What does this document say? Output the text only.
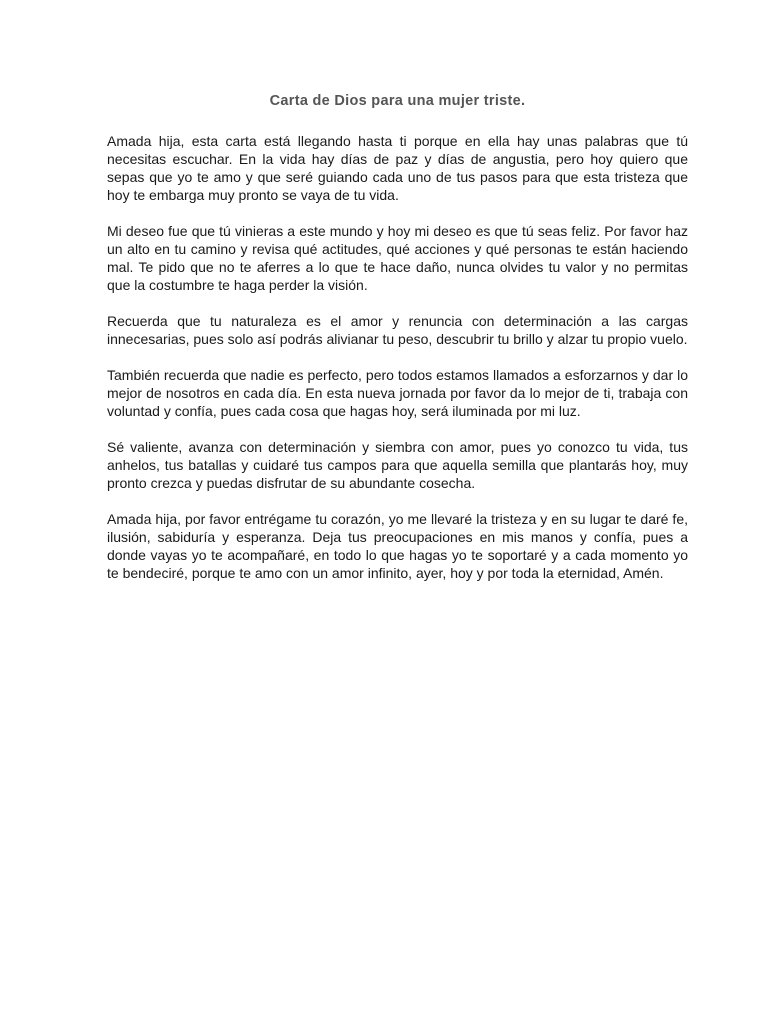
Carta de Dios para una mujer triste.

Amada hija, esta carta está llegando hasta ti porque en ella hay unas palabras que tú necesitas escuchar. En la vida hay días de paz y días de angustia, pero hoy quiero que sepas que yo te amo y que seré guiando cada uno de tus pasos para que esta tristeza que hoy te embarga muy pronto se vaya de tu vida.

Mi deseo fue que tú vinieras a este mundo y hoy mi deseo es que tú seas feliz. Por favor haz un alto en tu camino y revisa qué actitudes, qué acciones y qué personas te están haciendo mal. Te pido que no te aferres a lo que te hace daño, nunca olvides tu valor y no permitas que la costumbre te haga perder la visión.

Recuerda que tu naturaleza es el amor y renuncia con determinación a las cargas innecesarias, pues solo así podrás alivianar tu peso, descubrir tu brillo y alzar tu propio vuelo.

También recuerda que nadie es perfecto, pero todos estamos llamados a esforzarnos y dar lo mejor de nosotros en cada día. En esta nueva jornada por favor da lo mejor de ti, trabaja con voluntad y confía, pues cada cosa que hagas hoy, será iluminada por mi luz.

Sé valiente, avanza con determinación y siembra con amor, pues yo conozco tu vida, tus anhelos, tus batallas y cuidaré tus campos para que aquella semilla que plantarás hoy, muy pronto crezca y puedas disfrutar de su abundante cosecha.

Amada hija, por favor entrégame tu corazón, yo me llevaré la tristeza y en su lugar te daré fe, ilusión, sabiduría y esperanza. Deja tus preocupaciones en mis manos y confía, pues a donde vayas yo te acompañaré, en todo lo que hagas yo te soportaré y a cada momento yo te bendeciré, porque te amo con un amor infinito, ayer, hoy y por toda la eternidad, Amén.
